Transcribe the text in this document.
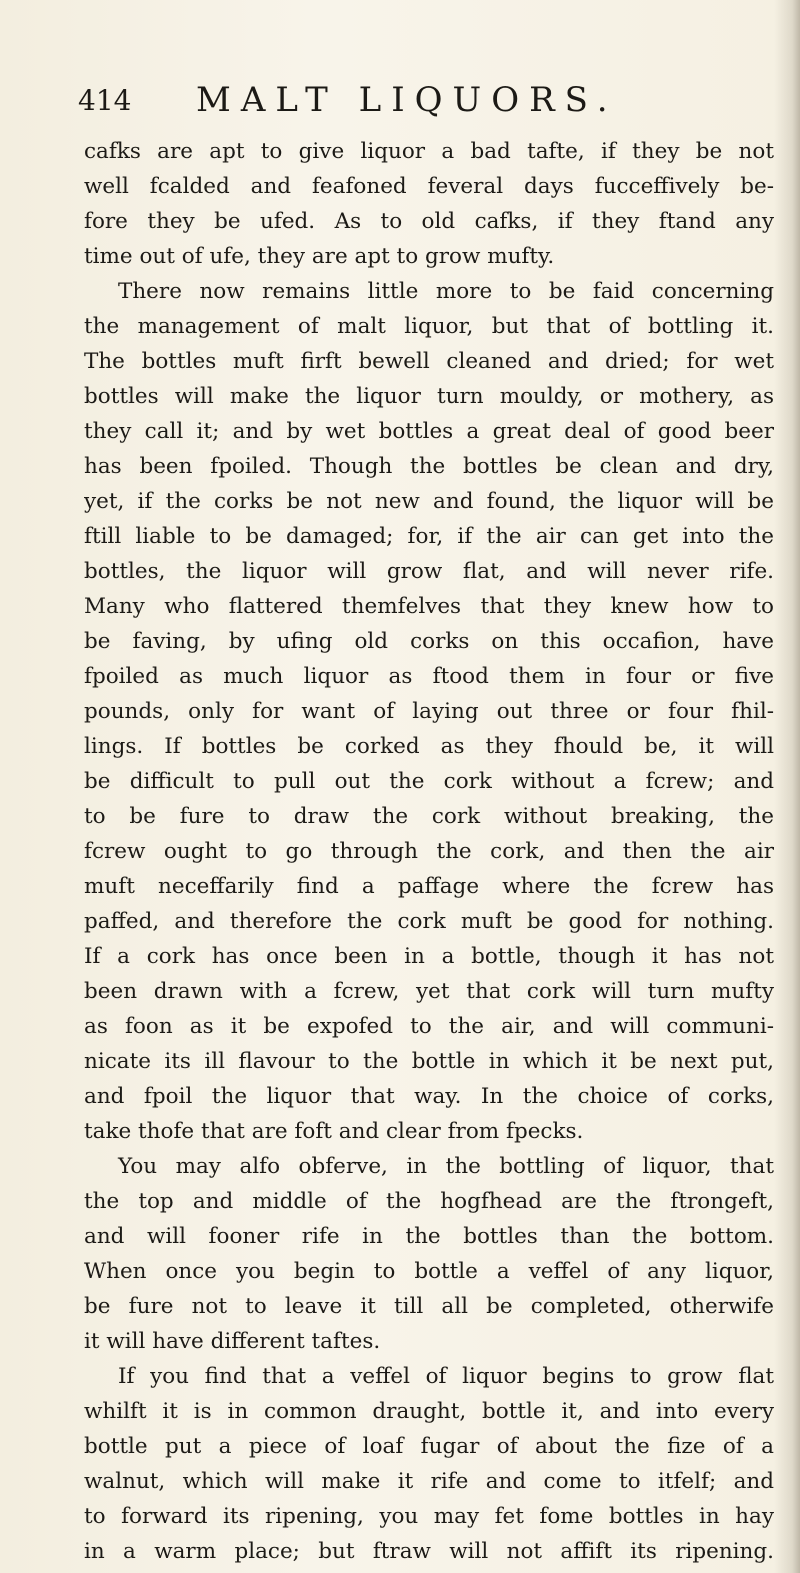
414 MALT LIQUORS.
cafks are apt to give liquor a bad tafte, if they be not
well fcalded and feafoned feveral days fucceffively be-
fore they be ufed. As to old cafks, if they ftand any
time out of ufe, they are apt to grow mufty.
There now remains little more to be faid concerning
the management of malt liquor, but that of bottling it.
The bottles muft firft bewell cleaned and dried; for wet
bottles will make the liquor turn mouldy, or mothery, as
they call it; and by wet bottles a great deal of good beer
has been fpoiled. Though the bottles be clean and dry,
yet, if the corks be not new and found, the liquor will be
ftill liable to be damaged; for, if the air can get into the
bottles, the liquor will grow flat, and will never rife.
Many who flattered themfelves that they knew how to
be faving, by ufing old corks on this occafion, have
fpoiled as much liquor as ftood them in four or five
pounds, only for want of laying out three or four fhil-
lings. If bottles be corked as they fhould be, it will
be difficult to pull out the cork without a fcrew; and
to be fure to draw the cork without breaking, the
fcrew ought to go through the cork, and then the air
muft neceffarily find a paffage where the fcrew has
paffed, and therefore the cork muft be good for nothing.
If a cork has once been in a bottle, though it has not
been drawn with a fcrew, yet that cork will turn mufty
as foon as it be expofed to the air, and will communi-
nicate its ill flavour to the bottle in which it be next put,
and fpoil the liquor that way. In the choice of corks,
take thofe that are foft and clear from fpecks.
You may alfo obferve, in the bottling of liquor, that
the top and middle of the hogfhead are the ftrongeft,
and will fooner rife in the bottles than the bottom.
When once you begin to bottle a veffel of any liquor,
be fure not to leave it till all be completed, otherwife
it will have different taftes.
If you find that a veffel of liquor begins to grow flat
whilft it is in common draught, bottle it, and into every
bottle put a piece of loaf fugar of about the fize of a
walnut, which will make it rife and come to itfelf; and
to forward its ripening, you may fet fome bottles in hay
in a warm place; but ftraw will not affift its ripening.
